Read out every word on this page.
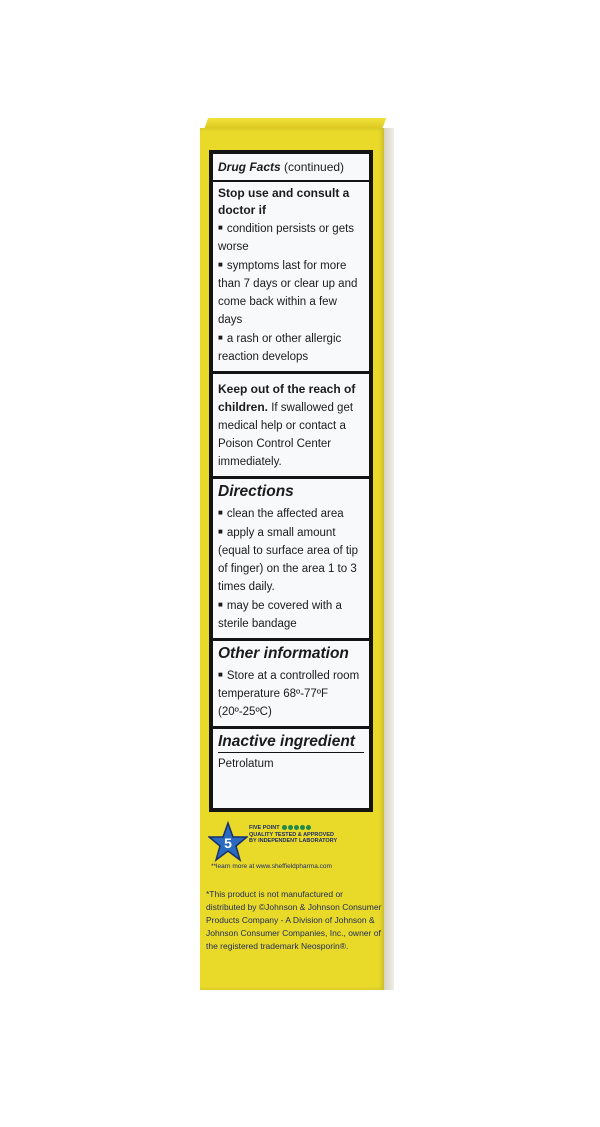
Drug Facts (continued)
Stop use and consult a doctor if
■ condition persists or gets worse
■ symptoms last for more than 7 days or clear up and come back within a few days
■ a rash or other allergic reaction develops
Keep out of the reach of children. If swallowed get medical help or contact a Poison Control Center immediately.
Directions
■ clean the affected area
■ apply a small amount (equal to surface area of tip of finger) on the area 1 to 3 times daily.
■ may be covered with a sterile bandage
Other information
■ Store at a controlled room temperature 68º-77ºF (20º-25ºC)
Inactive ingredient
Petrolatum
5
FIVE POINT
QUALITY TESTED & APPROVED
BY INDEPENDENT LABORATORY
**learn more at www.sheffieldpharma.com
*This product is not manufactured or distributed by ©Johnson & Johnson Consumer Products Company - A Division of Johnson & Johnson Consumer Companies, Inc., owner of the registered trademark Neosporin®.
